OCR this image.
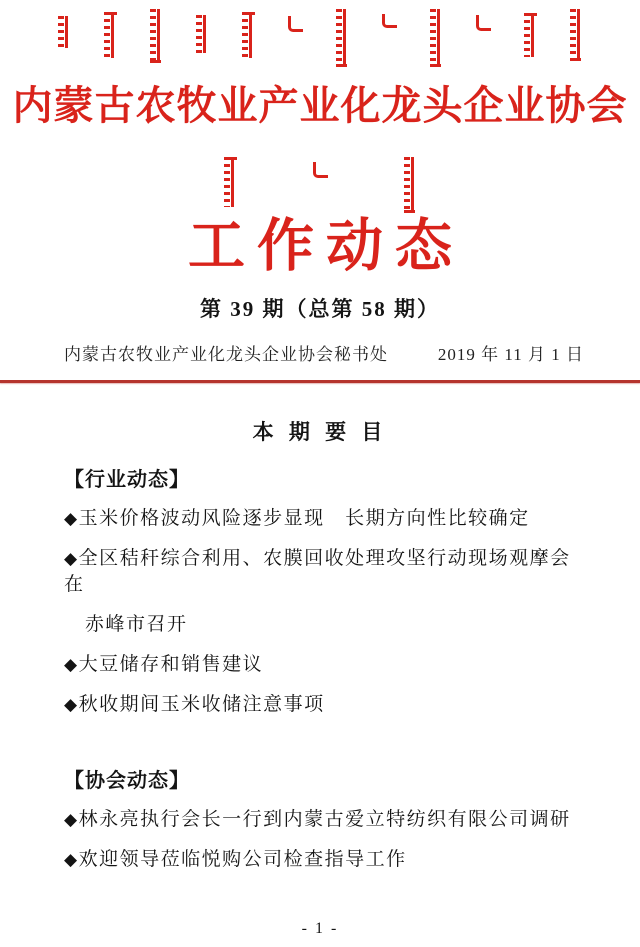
内蒙古农牧业产业化龙头企业协会
工作动态
第 39 期（总第 58 期）
内蒙古农牧业产业化龙头企业协会秘书处	2019 年 11 月 1 日
本 期 要 目
【行业动态】
◆玉米价格波动风险逐步显现　长期方向性比较确定
◆全区秸秆综合利用、农膜回收处理攻坚行动现场观摩会在
赤峰市召开
◆大豆储存和销售建议
◆秋收期间玉米收储注意事项
【协会动态】
◆林永亮执行会长一行到内蒙古爱立特纺织有限公司调研
◆欢迎领导莅临悦购公司检查指导工作
- 1 -
